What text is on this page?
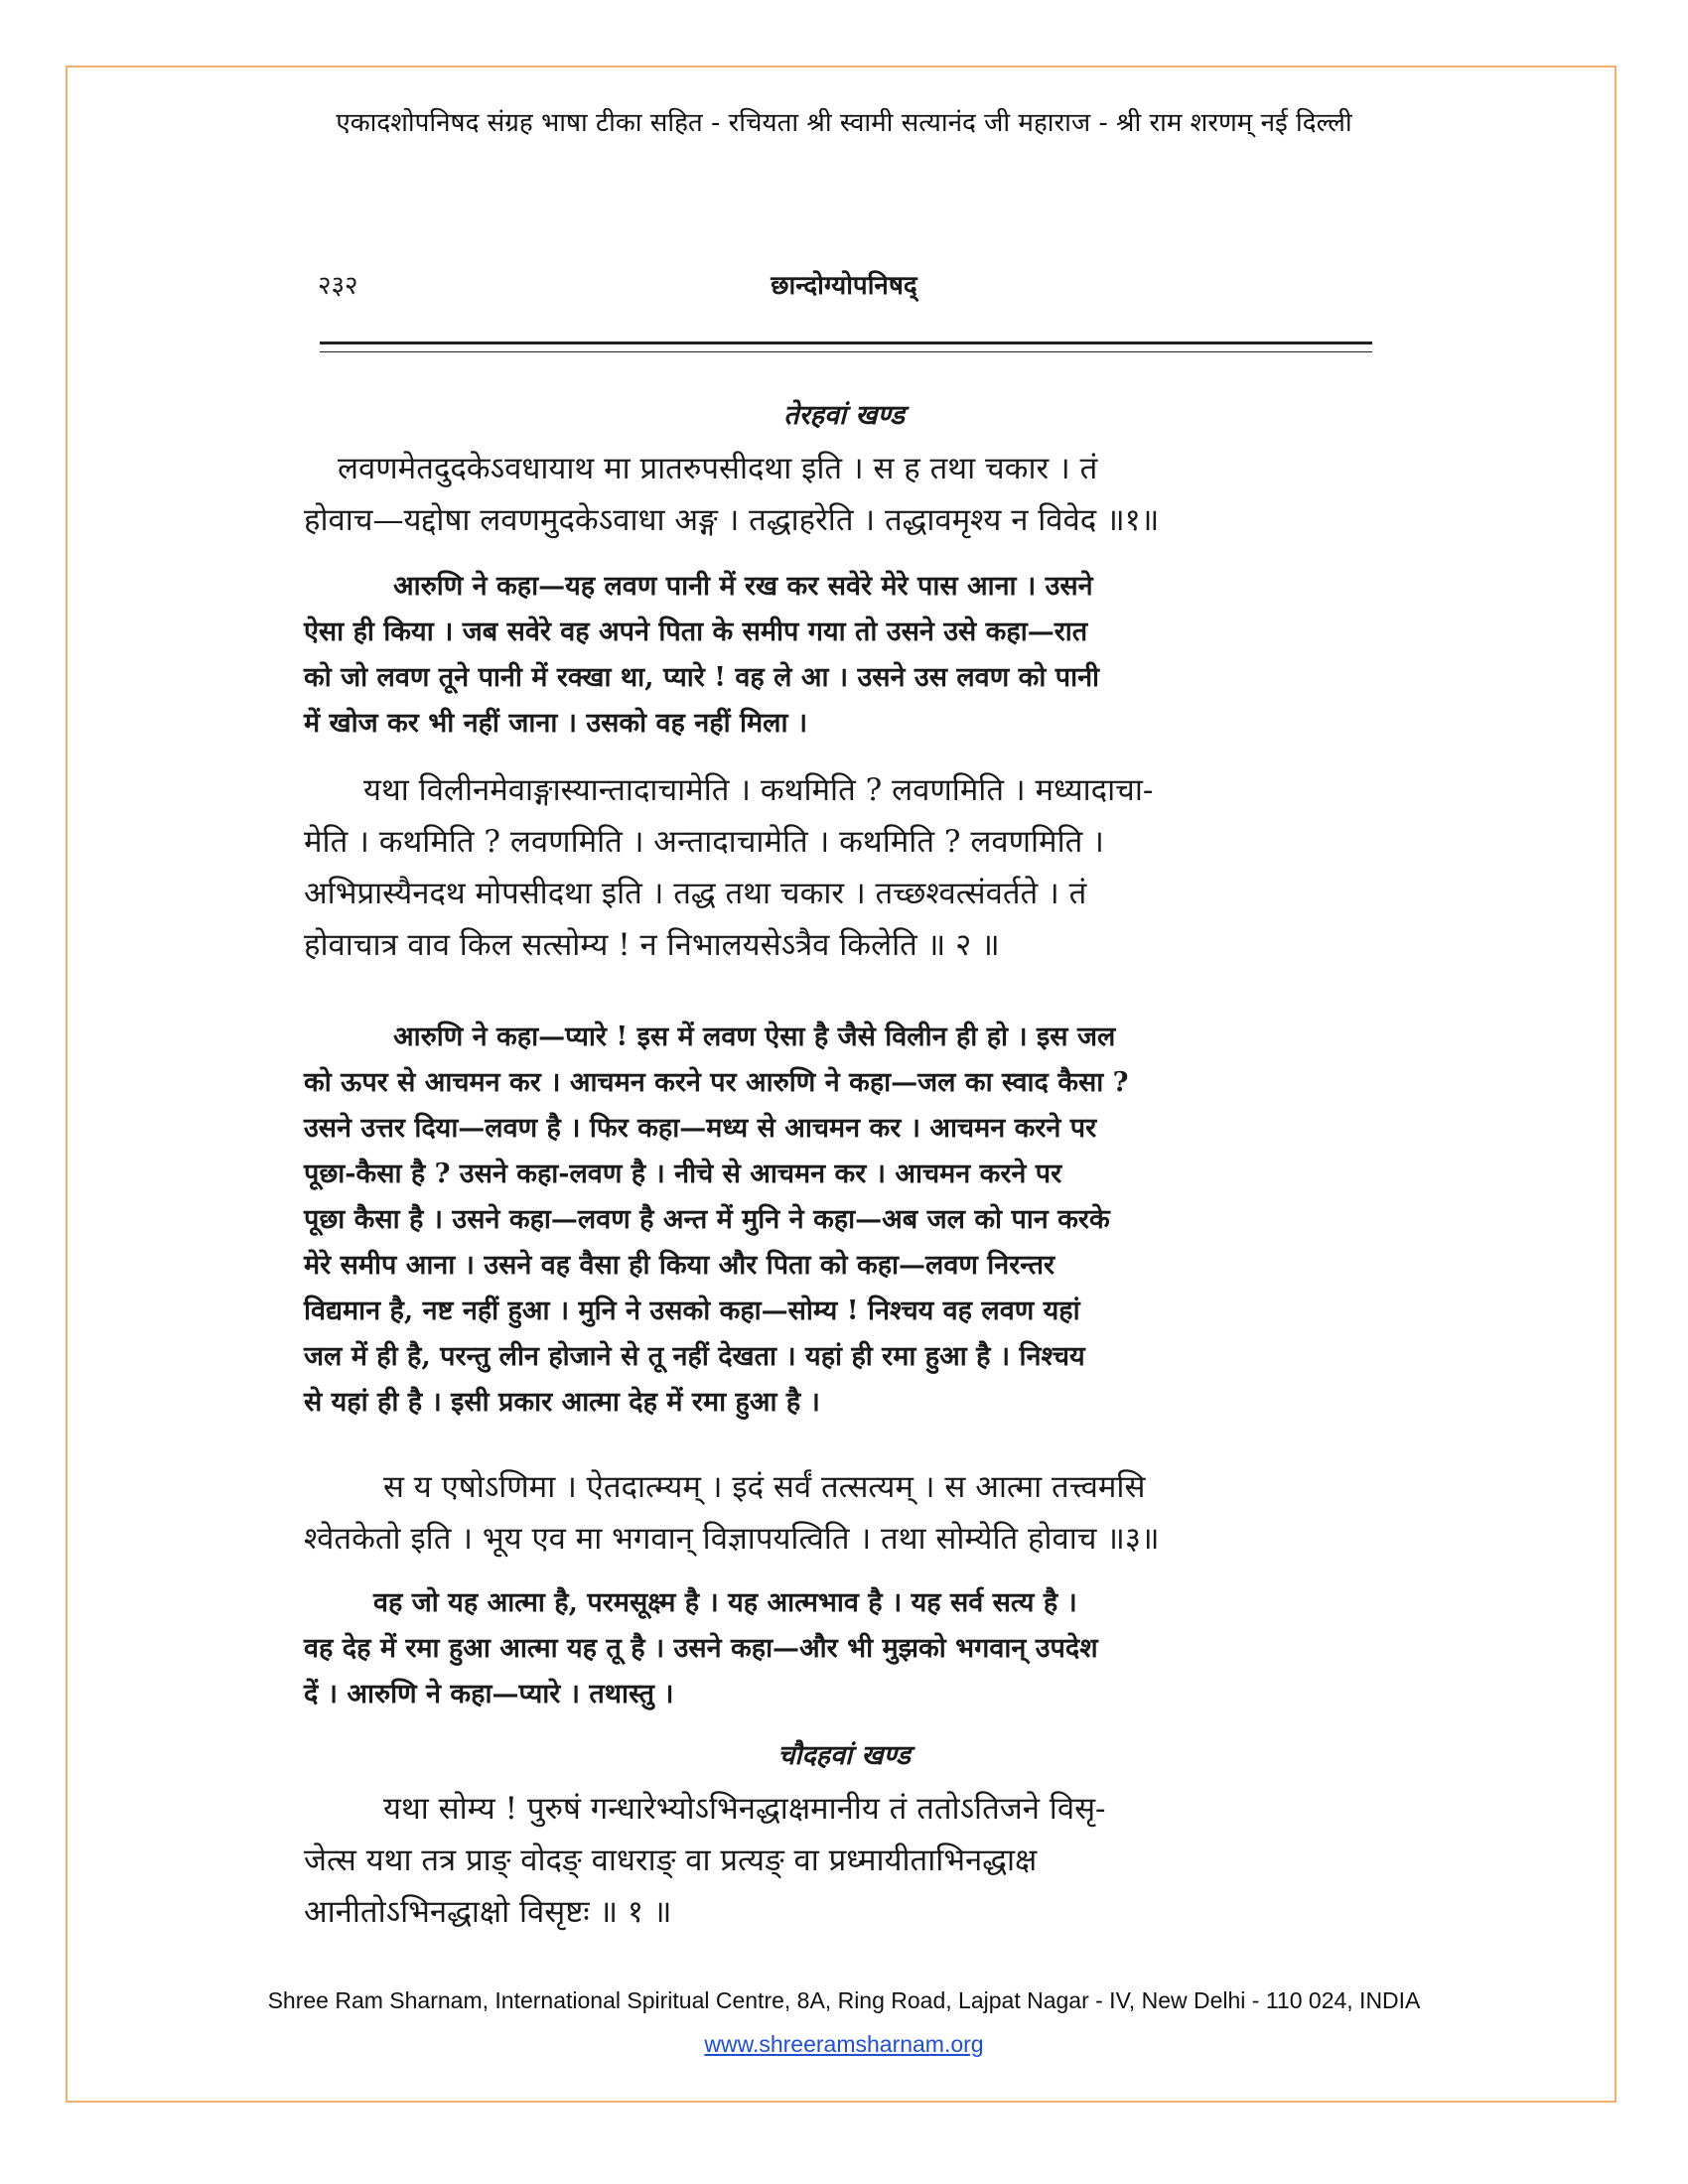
एकादशोपनिषद संग्रह भाषा टीका सहित - रचियता श्री स्वामी सत्यानंद जी महाराज - श्री राम शरणम् नई दिल्ली
२३२	छान्दोग्योपनिषद्
तेरहवां खण्ड
लवणमेतदुदकेऽवधायाथ मा प्रातरुपसीदथा इति । स ह तथा चकार । तं
होवाच—यद्दोषा लवणमुदकेऽवाधा अङ्ग । तद्धाहरेति । तद्धावमृश्य न विवेद ॥१॥
आरुणि ने कहा—यह लवण पानी में रख कर सवेरे मेरे पास आना । उसने
ऐसा ही किया । जब सवेरे वह अपने पिता के समीप गया तो उसने उसे कहा—रात
को जो लवण तूने पानी में रक्खा था, प्यारे ! वह ले आ । उसने उस लवण को पानी
में खोज कर भी नहीं जाना । उसको वह नहीं मिला ।
यथा विलीनमेवाङ्गास्यान्तादाचामेति । कथमिति ? लवणमिति । मध्यादाचा-
मेति । कथमिति ? लवणमिति । अन्तादाचामेति । कथमिति ? लवणमिति ।
अभिप्रास्यैनदथ मोपसीदथा इति । तद्ध तथा चकार । तच्छश्वत्संवर्तते । तं
होवाचात्र वाव किल सत्सोम्य ! न निभालयसेऽत्रैव किलेति ॥ २ ॥
आरुणि ने कहा—प्यारे ! इस में लवण ऐसा है जैसे विलीन ही हो । इस जल
को ऊपर से आचमन कर । आचमन करने पर आरुणि ने कहा—जल का स्वाद कैसा ?
उसने उत्तर दिया—लवण है । फिर कहा—मध्य से आचमन कर । आचमन करने पर
पूछा-कैसा है ? उसने कहा-लवण है । नीचे से आचमन कर । आचमन करने पर
पूछा कैसा है । उसने कहा—लवण है अन्त में मुनि ने कहा—अब जल को पान करके
मेरे समीप आना । उसने वह वैसा ही किया और पिता को कहा—लवण निरन्तर
विद्यमान है, नष्ट नहीं हुआ । मुनि ने उसको कहा—सोम्य ! निश्चय वह लवण यहां
जल में ही है, परन्तु लीन होजाने से तू नहीं देखता । यहां ही रमा हुआ है । निश्चय
से यहां ही है । इसी प्रकार आत्मा देह में रमा हुआ है ।
स य एषोऽणिमा । ऐतदात्म्यम् । इदं सर्वं तत्सत्यम् । स आत्मा तत्त्वमसि
श्वेतकेतो इति । भूय एव मा भगवान् विज्ञापयत्विति । तथा सोम्येति होवाच ॥३॥
वह जो यह आत्मा है, परमसूक्ष्म है । यह आत्मभाव है । यह सर्व सत्य है ।
वह देह में रमा हुआ आत्मा यह तू है । उसने कहा—और भी मुझको भगवान् उपदेश
दें । आरुणि ने कहा—प्यारे । तथास्तु ।
चौदहवां खण्ड
यथा सोम्य ! पुरुषं गन्धारेभ्योऽभिनद्धाक्षमानीय तं ततोऽतिजने विसृ-
जेत्स यथा तत्र प्राङ् वोदङ् वाधराङ् वा प्रत्यङ् वा प्रध्मायीताभिनद्धाक्ष
आनीतोऽभिनद्धाक्षो विसृष्टः ॥ १ ॥
Shree Ram Sharnam, International Spiritual Centre, 8A, Ring Road, Lajpat Nagar - IV, New Delhi - 110 024, INDIA
www.shreeramsharnam.org
